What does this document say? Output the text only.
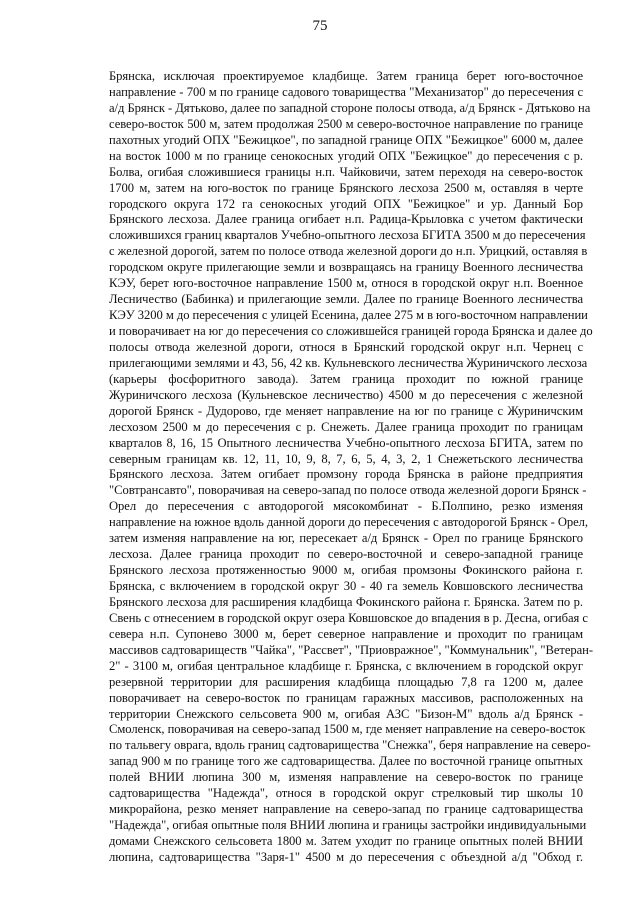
75
Брянска, исключая проектируемое кладбище. Затем граница берет юго-восточное
направление - 700 м по границе садового товарищества "Механизатор" до пересечения с
а/д Брянск - Дятьково, далее по западной стороне полосы отвода, а/д Брянск - Дятьково на
северо-восток 500 м, затем продолжая 2500 м северо-восточное направление по границе
пахотных угодий ОПХ "Бежицкое", по западной границе ОПХ "Бежицкое" 6000 м, далее
на восток 1000 м по границе сенокосных угодий ОПХ "Бежицкое" до пересечения с р.
Болва, огибая сложившиеся границы н.п. Чайковичи, затем переходя на северо-восток
1700 м, затем на юго-восток по границе Брянского лесхоза 2500 м, оставляя в черте
городского округа 172 га сенокосных угодий ОПХ "Бежицкое" и ур. Данный Бор
Брянского лесхоза. Далее граница огибает н.п. Радица-Крыловка с учетом фактически
сложившихся границ кварталов Учебно-опытного лесхоза БГИТА 3500 м до пересечения
с железной дорогой, затем по полосе отвода железной дороги до н.п. Урицкий, оставляя в
городском округе прилегающие земли и возвращаясь на границу Военного лесничества
КЭУ, берет юго-восточное направление 1500 м, относя в городской округ н.п. Военное
Лесничество (Бабинка) и прилегающие земли. Далее по границе Военного лесничества
КЭУ 3200 м до пересечения с улицей Есенина, далее 275 м в юго-восточном направлении
и поворачивает на юг до пересечения со сложившейся границей города Брянска и далее до
полосы отвода железной дороги, относя в Брянский городской округ н.п. Чернец с
прилегающими землями и 43, 56, 42 кв. Кульневского лесничества Журиничского лесхоза
(карьеры фосфоритного завода). Затем граница проходит по южной границе
Журиничского лесхоза (Кульневское лесничество) 4500 м до пересечения с железной
дорогой Брянск - Дудорово, где меняет направление на юг по границе с Журиничским
лесхозом 2500 м до пересечения с р. Снежеть. Далее граница проходит по границам
кварталов 8, 16, 15 Опытного лесничества Учебно-опытного лесхоза БГИТА, затем по
северным границам кв. 12, 11, 10, 9, 8, 7, 6, 5, 4, 3, 2, 1 Снежетьского лесничества
Брянского лесхоза. Затем огибает промзону города Брянска в районе предприятия
"Совтрансавто", поворачивая на северо-запад по полосе отвода железной дороги Брянск -
Орел до пересечения с автодорогой мясокомбинат - Б.Полпино, резко изменяя
направление на южное вдоль данной дороги до пересечения с автодорогой Брянск - Орел,
затем изменяя направление на юг, пересекает а/д Брянск - Орел по границе Брянского
лесхоза. Далее граница проходит по северо-восточной и северо-западной границе
Брянского лесхоза протяженностью 9000 м, огибая промзоны Фокинского района г.
Брянска, с включением в городской округ 30 - 40 га земель Ковшовского лесничества
Брянского лесхоза для расширения кладбища Фокинского района г. Брянска. Затем по р.
Свень с отнесением в городской округ озера Ковшовское до впадения в р. Десна, огибая с
севера н.п. Супонево 3000 м, берет северное направление и проходит по границам
массивов садтовариществ "Чайка", "Рассвет", "Приовражное", "Коммунальник", "Ветеран-
2" - 3100 м, огибая центральное кладбище г. Брянска, с включением в городской округ
резервной территории для расширения кладбища площадью 7,8 га 1200 м, далее
поворачивает на северо-восток по границам гаражных массивов, расположенных на
территории Снежского сельсовета 900 м, огибая АЗС "Бизон-М" вдоль а/д Брянск -
Смоленск, поворачивая на северо-запад 1500 м, где меняет направление на северо-восток
по тальвегу оврага, вдоль границ садтоварищества "Снежка", беря направление на северо-
запад 900 м по границе того же садтоварищества. Далее по восточной границе опытных
полей ВНИИ люпина 300 м, изменяя направление на северо-восток по границе
садтоварищества "Надежда", относя в городской округ стрелковый тир школы 10
микрорайона, резко меняет направление на северо-запад по границе садтоварищества
"Надежда", огибая опытные поля ВНИИ люпина и границы застройки индивидуальными
домами Снежского сельсовета 1800 м. Затем уходит по границе опытных полей ВНИИ
люпина, садтоварищества "Заря-1" 4500 м до пересечения с объездной а/д "Обход г.
